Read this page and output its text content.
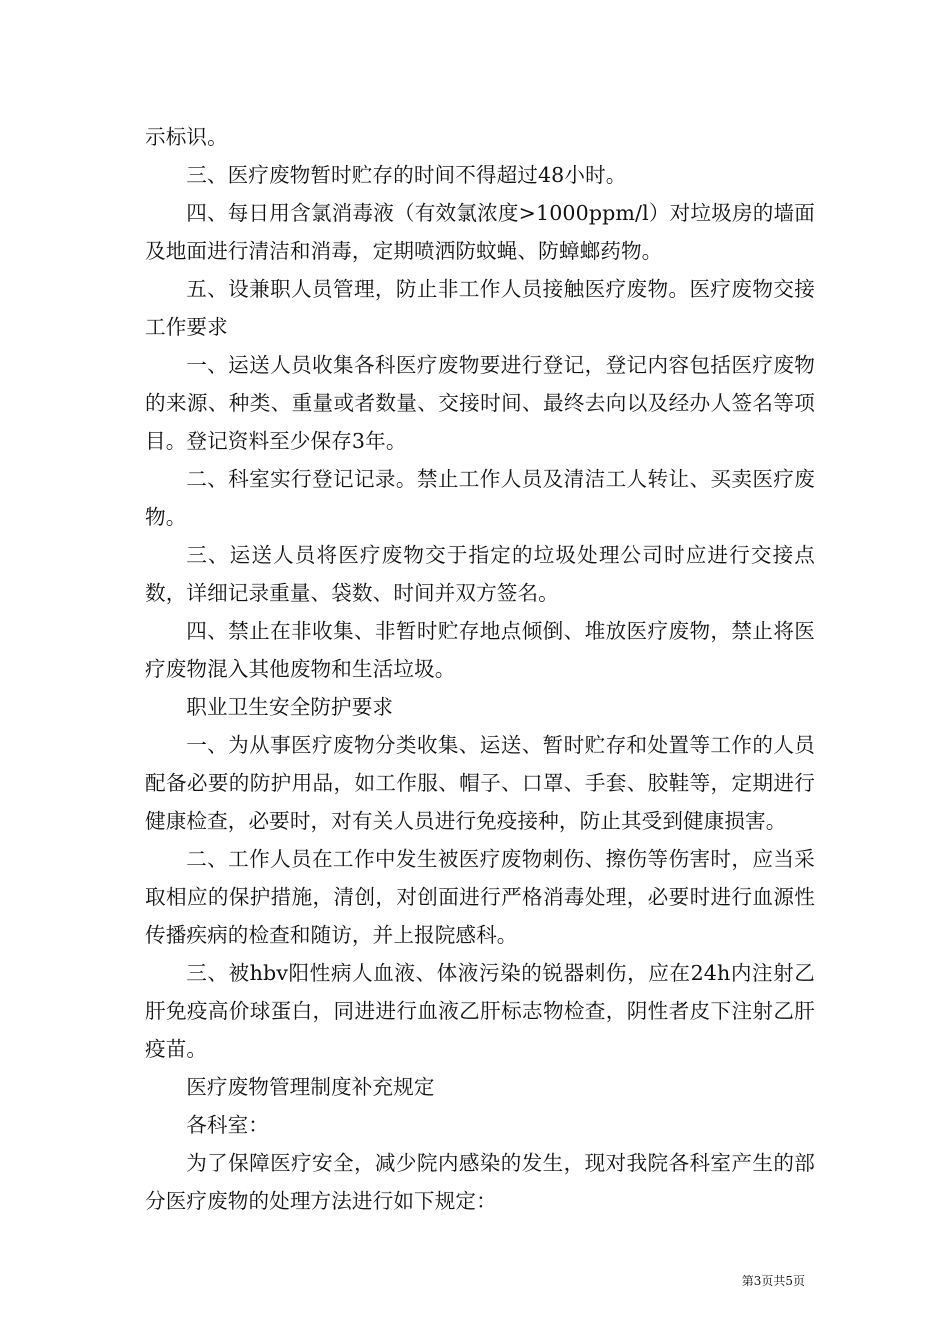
示标识。

三、医疗废物暂时贮存的时间不得超过48小时。

四、每日用含氯消毒液（有效氯浓度>1000ppm/l）对垃圾房的墙面及地面进行清洁和消毒，定期喷洒防蚊蝇、防蟑螂药物。

五、设兼职人员管理，防止非工作人员接触医疗废物。医疗废物交接工作要求

一、运送人员收集各科医疗废物要进行登记，登记内容包括医疗废物的来源、种类、重量或者数量、交接时间、最终去向以及经办人签名等项目。登记资料至少保存3年。

二、科室实行登记记录。禁止工作人员及清洁工人转让、买卖医疗废物。

三、运送人员将医疗废物交于指定的垃圾处理公司时应进行交接点数，详细记录重量、袋数、时间并双方签名。

四、禁止在非收集、非暂时贮存地点倾倒、堆放医疗废物，禁止将医疗废物混入其他废物和生活垃圾。

职业卫生安全防护要求

一、为从事医疗废物分类收集、运送、暂时贮存和处置等工作的人员配备必要的防护用品，如工作服、帽子、口罩、手套、胶鞋等，定期进行健康检查，必要时，对有关人员进行免疫接种，防止其受到健康损害。

二、工作人员在工作中发生被医疗废物刺伤、擦伤等伤害时，应当采取相应的保护措施，清创，对创面进行严格消毒处理，必要时进行血源性传播疾病的检查和随访，并上报院感科。

三、被hbv阳性病人血液、体液污染的锐器刺伤，应在24h内注射乙肝免疫高价球蛋白，同进进行血液乙肝标志物检查，阴性者皮下注射乙肝疫苗。

医疗废物管理制度补充规定

各科室：

为了保障医疗安全，减少院内感染的发生，现对我院各科室产生的部分医疗废物的处理方法进行如下规定：

第3页共5页
